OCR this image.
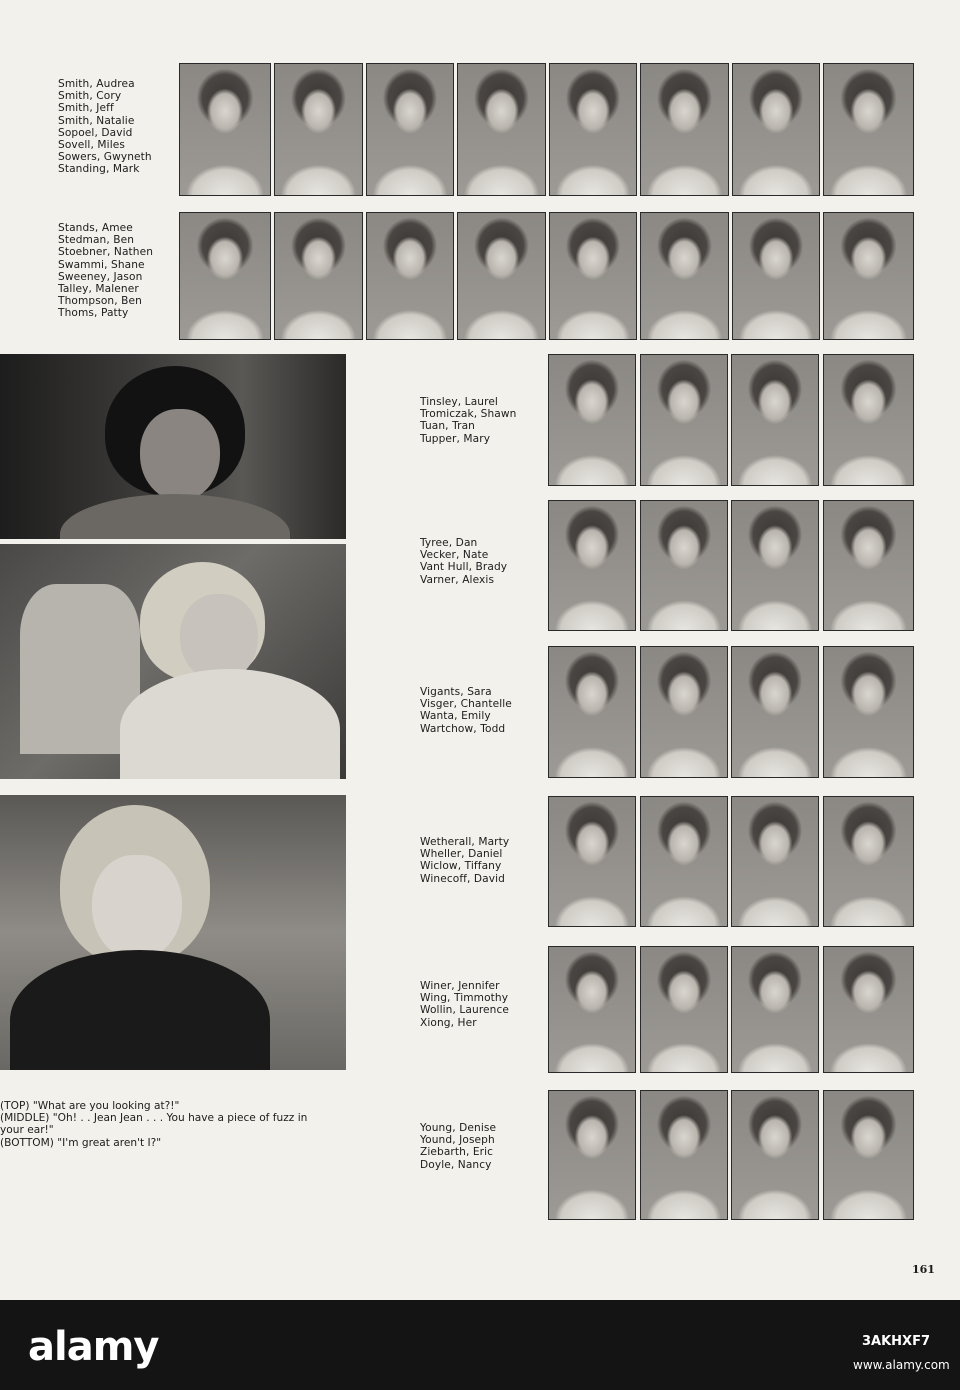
Smith, Audrea
Smith, Cory
Smith, Jeff
Smith, Natalie
Sopoel, David
Sovell, Miles
Sowers, Gwyneth
Standing, Mark
Stands, Amee
Stedman, Ben
Stoebner, Nathen
Swammi, Shane
Sweeney, Jason
Talley, Malener
Thompson, Ben
Thoms, Patty
Tinsley, Laurel
Tromiczak, Shawn
Tuan, Tran
Tupper, Mary
Tyree, Dan
Vecker, Nate
Vant Hull, Brady
Varner, Alexis
Vigants, Sara
Visger, Chantelle
Wanta, Emily
Wartchow, Todd
Wetherall, Marty
Wheller, Daniel
Wiclow, Tiffany
Winecoff, David
Winer, Jennifer
Wing, Timmothy
Wollin, Laurence
Xiong, Her
Young, Denise
Yound, Joseph
Ziebarth, Eric
Doyle, Nancy
(TOP) "What are you looking at?!"
(MIDDLE) "Oh! . . Jean Jean . . . You have a piece of fuzz in
your ear!"
(BOTTOM) "I'm great aren't I?"
161
alamy	3AKHXF7
www.alamy.com
